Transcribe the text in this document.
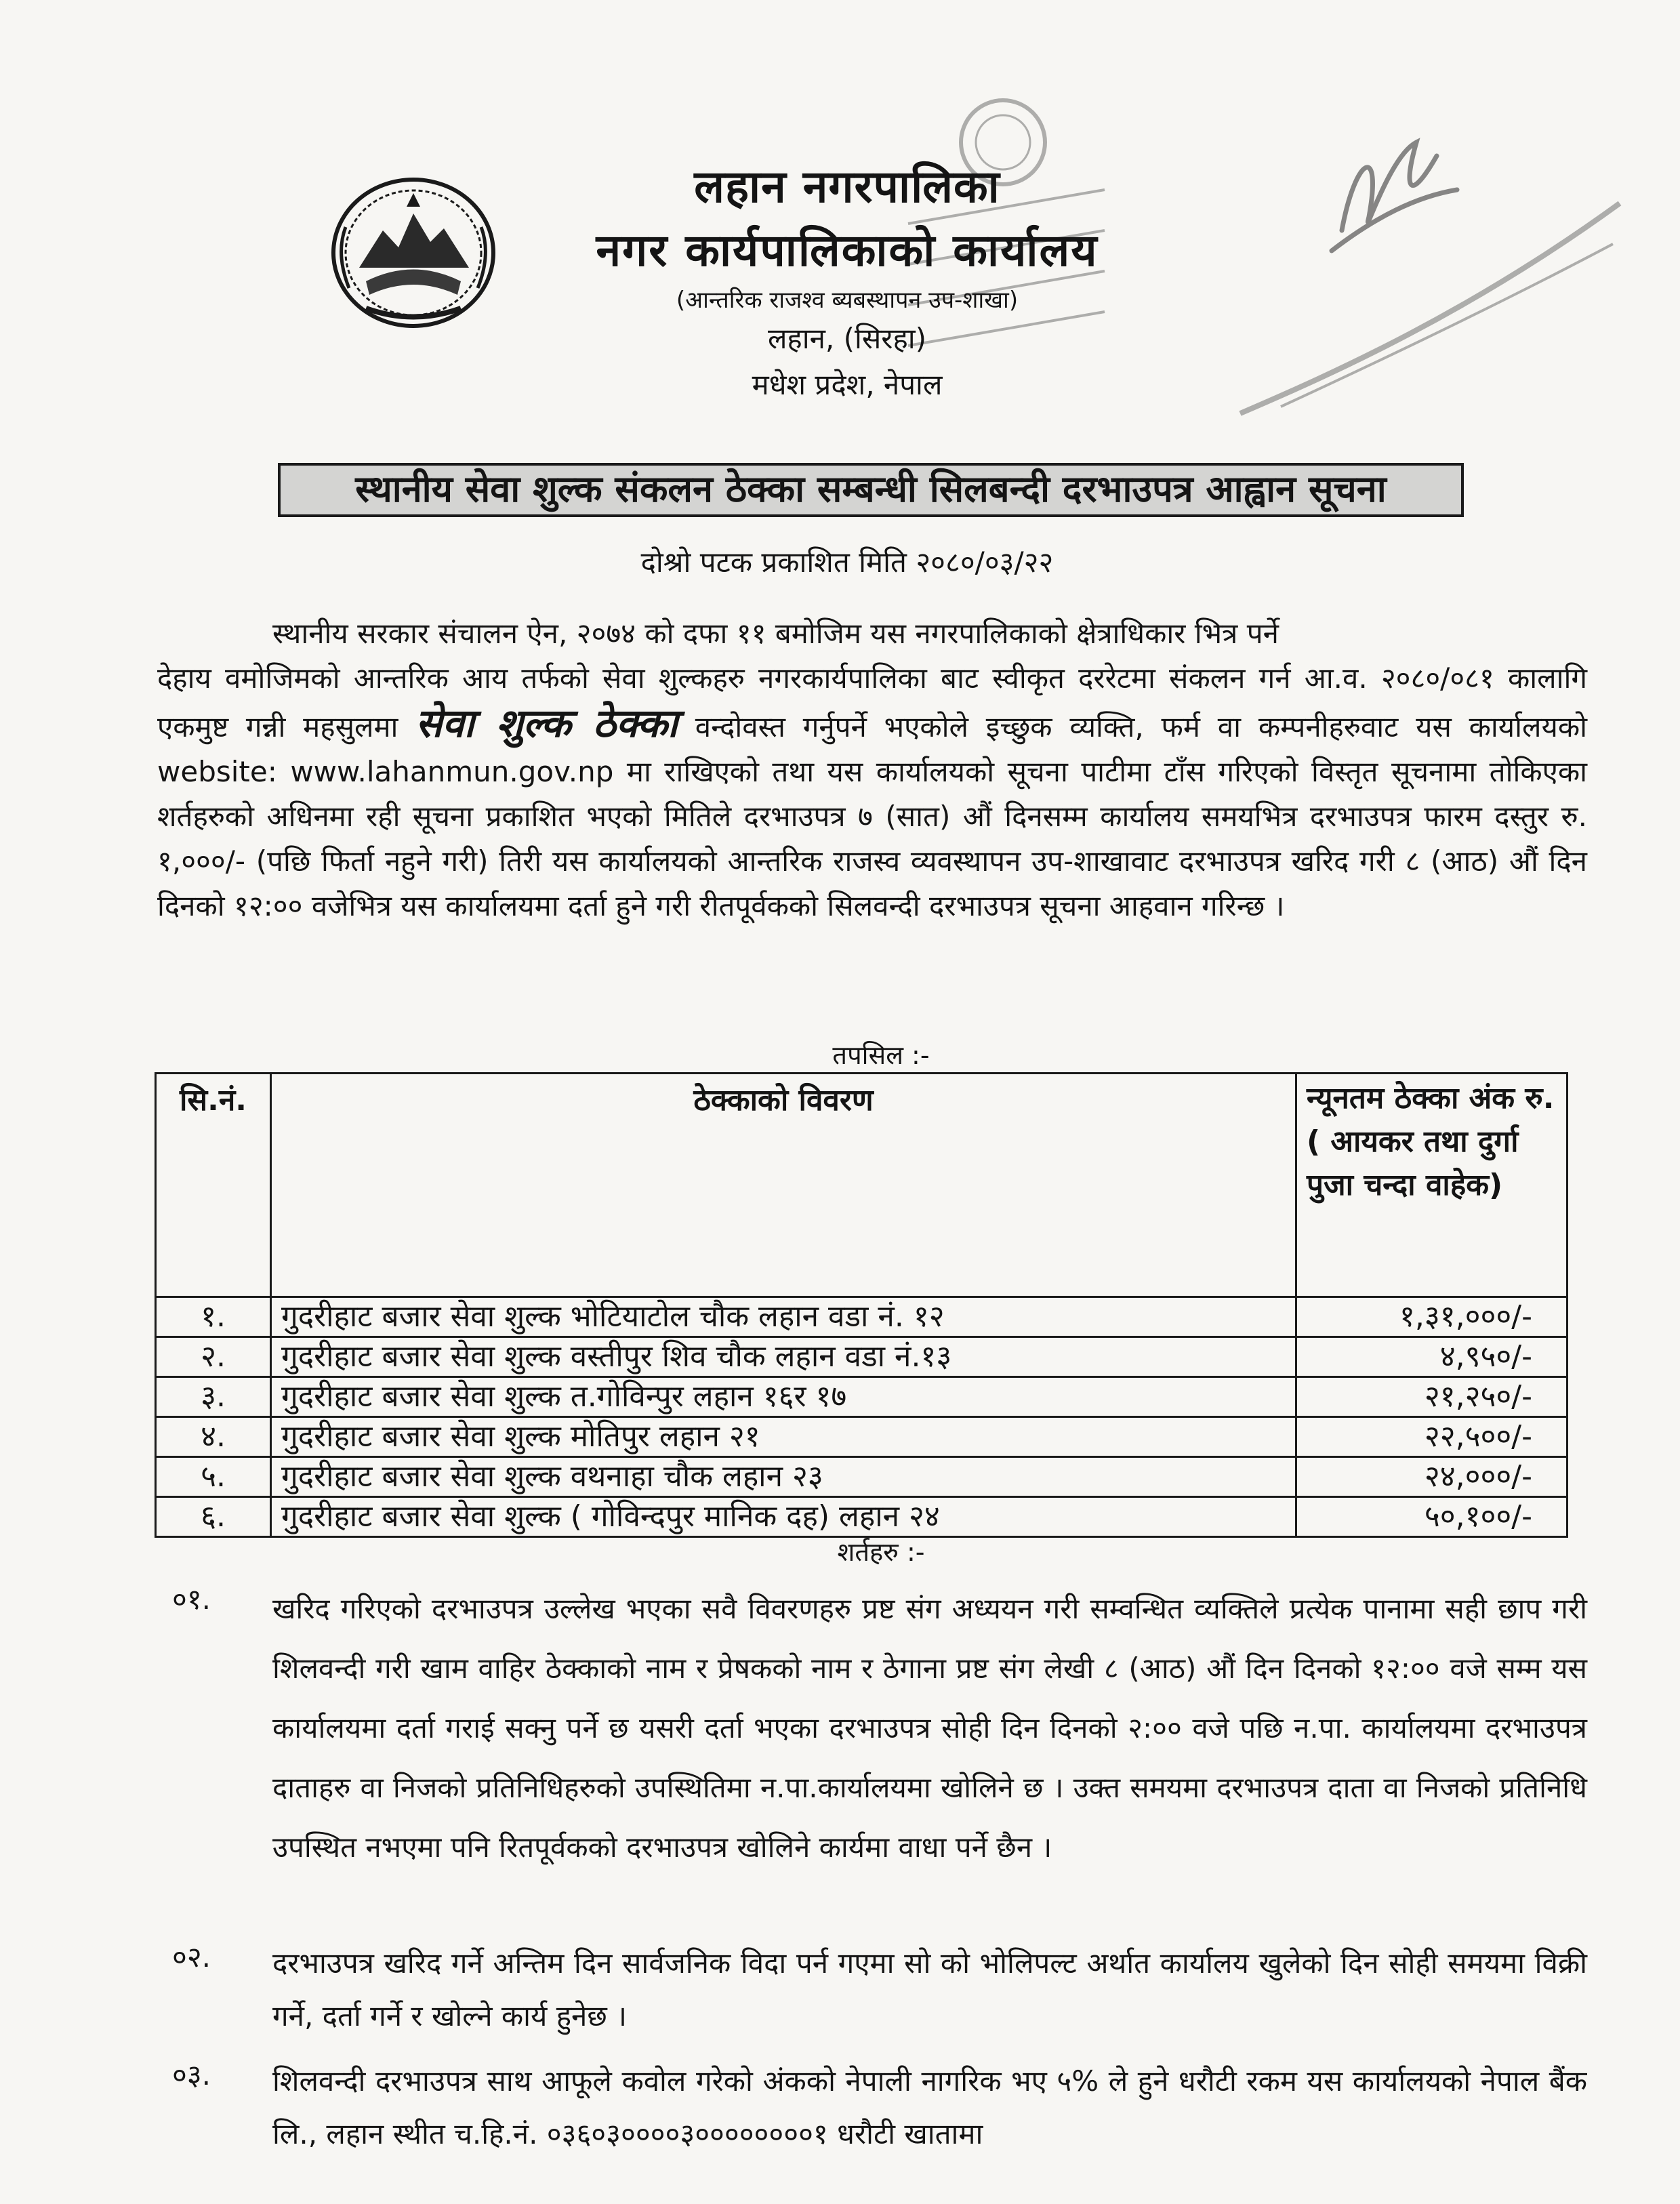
लहान नगरपालिका
नगर कार्यपालिकाको कार्यालय
(आन्तरिक राजश्व ब्यबस्थापन उप-शाखा)
लहान, (सिरहा)
मधेश प्रदेश, नेपाल
स्थानीय सेवा शुल्क संकलन ठेक्का सम्बन्धी सिलबन्दी दरभाउपत्र आह्वान सूचना
दोश्रो पटक प्रकाशित मिति २०८०/०३/२२
स्थानीय सरकार संचालन ऐन, २०७४ को दफा ११ बमोजिम यस नगरपालिकाको क्षेत्राधिकार भित्र पर्ने
देहाय वमोजिमको आन्तरिक आय तर्फको सेवा शुल्कहरु नगरकार्यपालिका बाट स्वीकृत दररेटमा संकलन गर्न आ.व. २०८०/०८१ कालागि एकमुष्ट गन्नी महसुलमा सेवा शुल्क ठेक्का वन्दोवस्त गर्नुपर्ने भएकोले इच्छुक व्यक्ति, फर्म वा कम्पनीहरुवाट यस कार्यालयको website: www.lahanmun.gov.np मा राखिएको तथा यस कार्यालयको सूचना पाटीमा टाँस गरिएको विस्तृत सूचनामा तोकिएका शर्तहरुको अधिनमा रही सूचना प्रकाशित भएको मितिले दरभाउपत्र ७ (सात) औं दिनसम्म कार्यालय समयभित्र दरभाउपत्र फारम दस्तुर रु. १,०००/- (पछि फिर्ता नहुने गरी) तिरी यस कार्यालयको आन्तरिक राजस्व व्यवस्थापन उप-शाखावाट दरभाउपत्र खरिद गरी ८ (आठ) औं दिन दिनको १२:०० वजेभित्र यस कार्यालयमा दर्ता हुने गरी रीतपूर्वकको सिलवन्दी दरभाउपत्र सूचना आहवान गरिन्छ ।
तपसिल :-
सि.नं.	ठेक्काको विवरण	न्यूनतम ठेक्का अंक रु. ( आयकर तथा दुर्गा पुजा चन्दा वाहेक)
१.	गुदरीहाट बजार सेवा शुल्क भोटियाटोल चौक लहान वडा नं. १२	१,३१,०००/-
२.	गुदरीहाट बजार सेवा शुल्क वस्तीपुर शिव चौक लहान वडा नं.१३	४,९५०/-
३.	गुदरीहाट बजार सेवा शुल्क त.गोविन्पुर लहान १६र १७	२१,२५०/-
४.	गुदरीहाट बजार सेवा शुल्क मोतिपुर लहान २१	२२,५००/-
५.	गुदरीहाट बजार सेवा शुल्क वथनाहा चौक लहान २३	२४,०००/-
६.	गुदरीहाट बजार सेवा शुल्क ( गोविन्दपुर मानिक दह) लहान २४	५०,१००/-
शर्तहरु :-
०१. खरिद गरिएको दरभाउपत्र उल्लेख भएका सवै विवरणहरु प्रष्ट संग अध्ययन गरी सम्वन्धित व्यक्तिले प्रत्येक पानामा सही छाप गरी शिलवन्दी गरी खाम वाहिर ठेक्काको नाम र प्रेषकको नाम र ठेगाना प्रष्ट संग लेखी ८ (आठ) औं दिन दिनको १२:०० वजे सम्म यस कार्यालयमा दर्ता गराई सक्नु पर्ने छ यसरी दर्ता भएका दरभाउपत्र सोही दिन दिनको २:०० वजे पछि न.पा. कार्यालयमा दरभाउपत्र दाताहरु वा निजको प्रतिनिधिहरुको उपस्थितिमा न.पा.कार्यालयमा खोलिने छ । उक्त समयमा दरभाउपत्र दाता वा निजको प्रतिनिधि उपस्थित नभएमा पनि रितपूर्वकको दरभाउपत्र खोलिने कार्यमा वाधा पर्ने छैन ।
०२. दरभाउपत्र खरिद गर्ने अन्तिम दिन सार्वजनिक विदा पर्न गएमा सो को भोलिपल्ट अर्थात कार्यालय खुलेको दिन सोही समयमा विक्री गर्ने, दर्ता गर्ने र खोल्ने कार्य हुनेछ ।
०३. शिलवन्दी दरभाउपत्र साथ आफूले कवोल गरेको अंकको नेपाली नागरिक भए ५% ले हुने धरौटी रकम यस कार्यालयको नेपाल बैंक लि., लहान स्थीत च.हि.नं. ०३६०३००००३००००००००१ धरौटी खातामा
